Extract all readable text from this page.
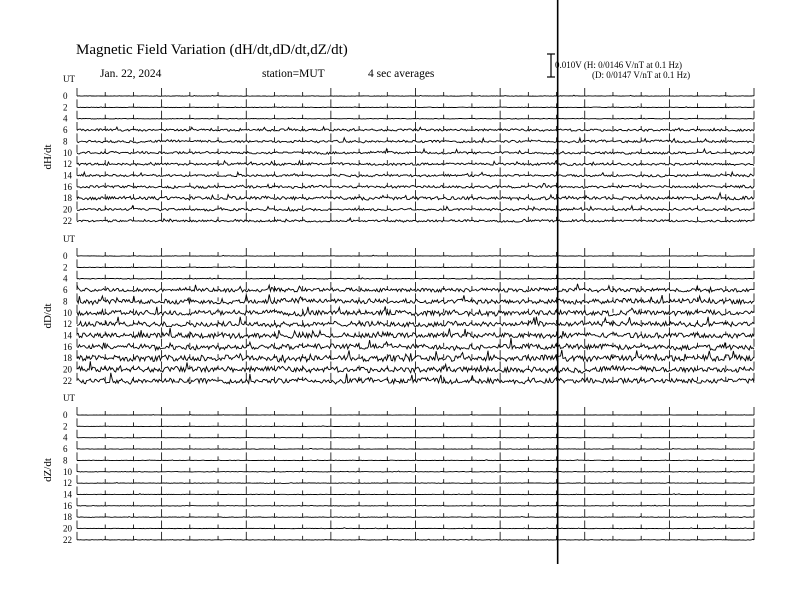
Magnetic Field Variation (dH/dt,dD/dt,dZ/dt)
Jan. 22, 2024	station=MUT	4 sec averages
0.010V (H: 0/0146 V/nT at 0.1 Hz)
(D: 0/0147 V/nT at 0.1 Hz)
UT
dH/dt
0
2
4
6
8
10
12
14
16
18
20
22
UT
dD/dt
0
2
4
6
8
10
12
14
16
18
20
22
UT
dZ/dt
0
2
4
6
8
10
12
14
16
18
20
22
